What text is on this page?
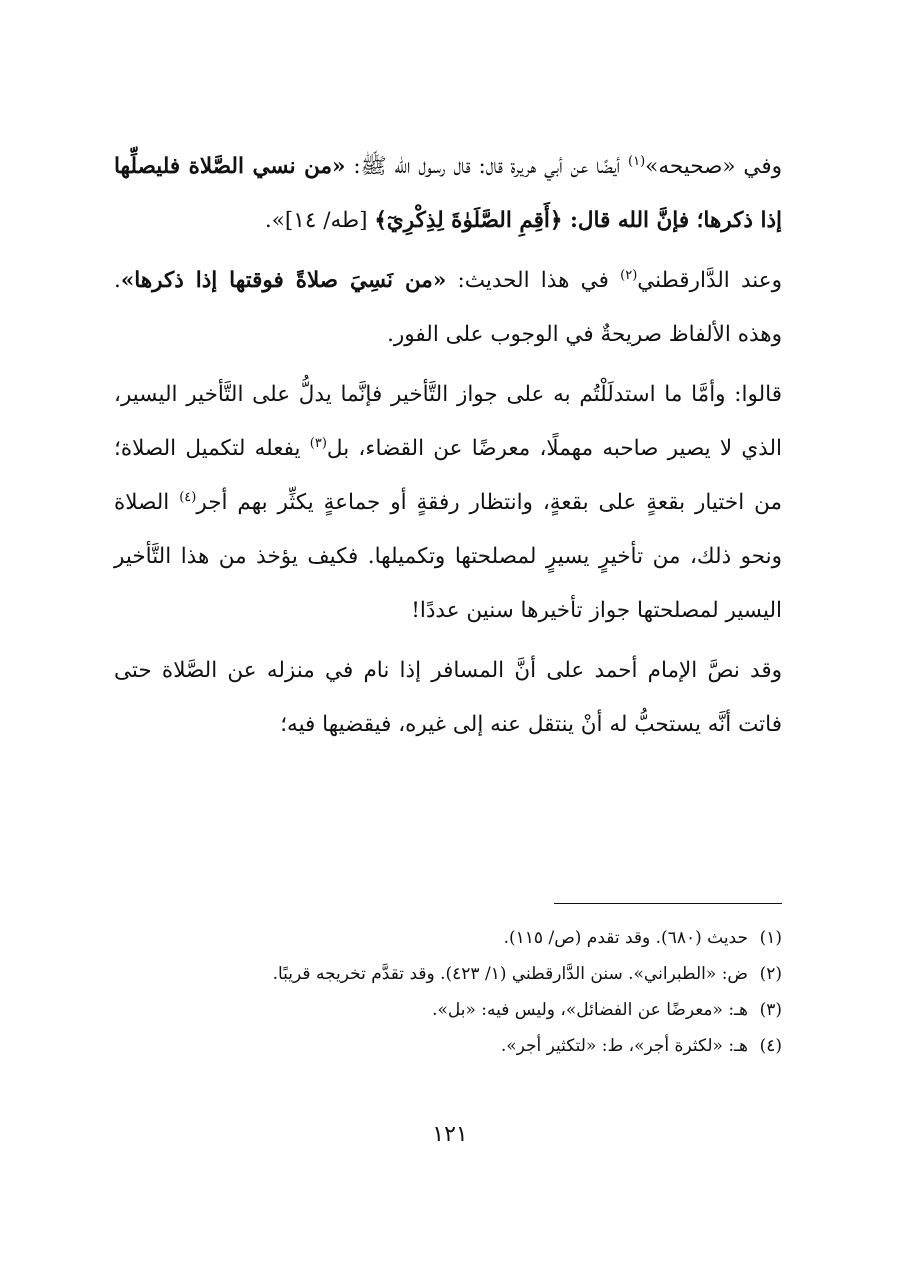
وفي «صحيحه»$^{(١)}$ أيضًا عن أبي هريرة قال: قال رسول الله ﷺ: «من نسي الصَّلاة فليصلِّها إذا ذكرها؛ فإنَّ الله قال: ﴿أَقِمِ الصَّلَوٰةَ لِذِكْرِيٓ﴾ [طه/ ١٤]».

وعند الدَّارقطني$^{(٢)}$ في هذا الحديث: «من نَسِيَ صلاةً فوقتها إذا ذكرها». وهذه الألفاظ صريحةٌ في الوجوب على الفور.

قالوا: وأمَّا ما استدلَلْتُم به على جواز التَّأخير فإنَّما يدلُّ على التَّأخير اليسير، الذي لا يصير صاحبه مهملًا، معرضًا عن القضاء، بل$^{(٣)}$ يفعله لتكميل الصلاة؛ من اختيار بقعةٍ على بقعةٍ، وانتظار رفقةٍ أو جماعةٍ يكثِّر بهم أجر$^{(٤)}$ الصلاة ونحو ذلك، من تأخيرٍ يسيرٍ لمصلحتها وتكميلها. فكيف يؤخذ من هذا التَّأخير اليسير لمصلحتها جواز تأخيرها سنين عددًا!

وقد نصَّ الإمام أحمد على أنَّ المسافر إذا نام في منزله عن الصَّلاة حتى فاتت أنَّه يستحبُّ له أنْ ينتقل عنه إلى غيره، فيقضيها فيه؛

(١)حديث (٦٨٠). وقد تقدم (ص/ ١١٥).

(٢)ض: «الطبراني». سنن الدَّارقطني (١/ ٤٢٣). وقد تقدَّم تخريجه قريبًا.

(٣)هـ: «معرضًا عن الفضائل»، وليس فيه: «بل».

(٤)هـ: «لكثرة أجر»، ط: «لتكثير أجر».

١٢١
